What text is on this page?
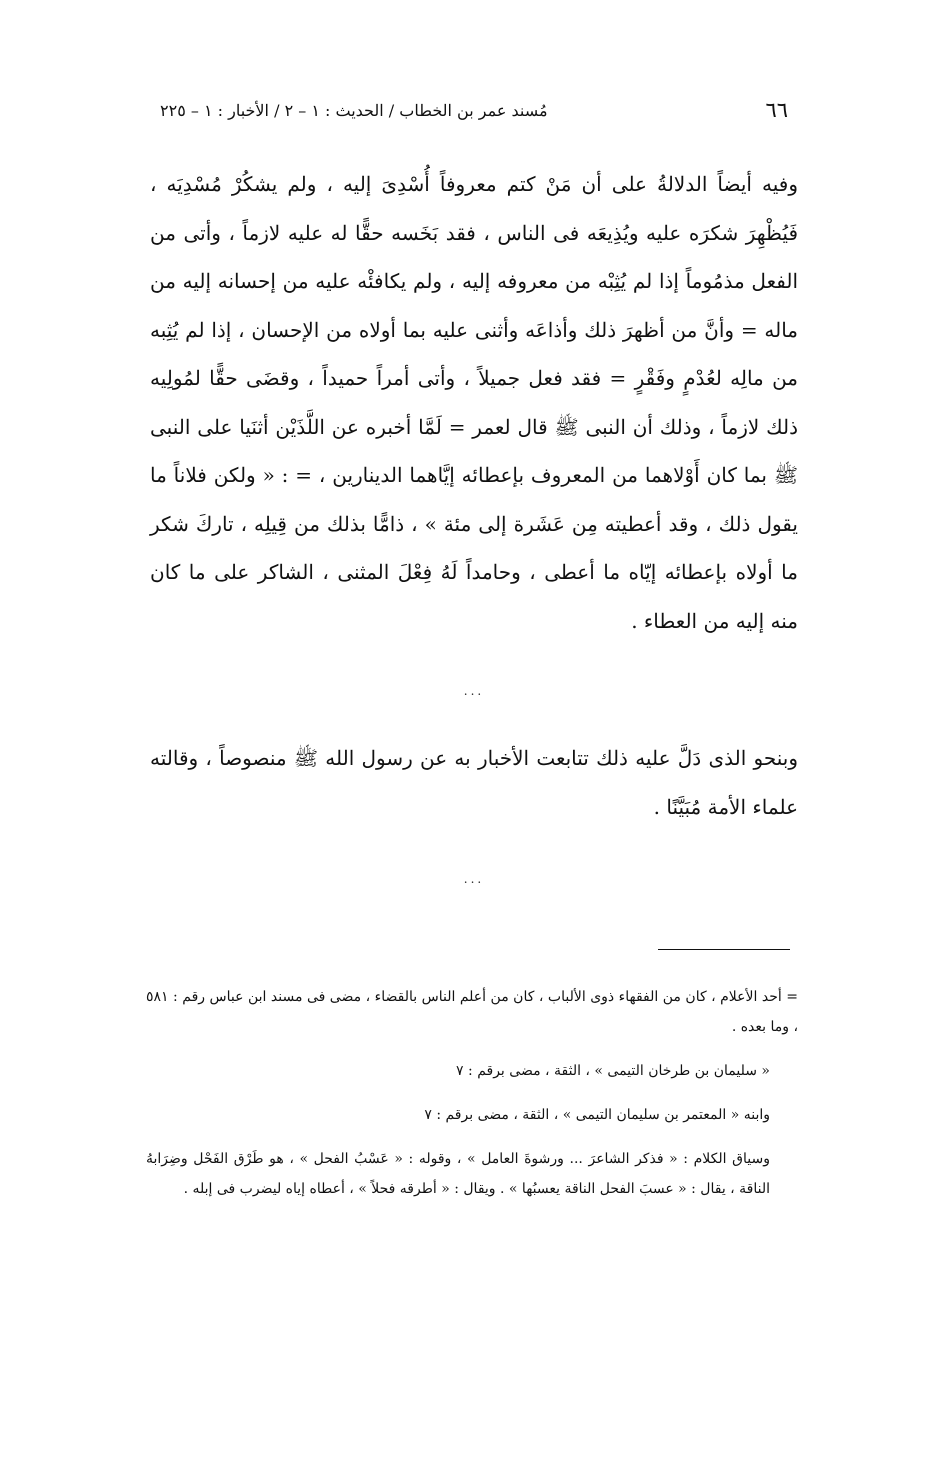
٦٦
مُسند عمر بن الخطاب / الحديث : ١ – ٢ / الأخبار : ١ – ٢٢٥

وفيه أيضاً الدلالةُ على أن مَنْ كتم معروفاً أُسْدِىَ إليه ، ولم يشكُرْ مُسْدِيَه ، فَيُظْهِرَ شكرَه عليه ويُذِيعَه فى الناس ، فقد بَخَسه حقًّا له عليه لازماً ، وأتى من الفعل مذمُوماً إذا لم يُثِبْه من معروفه إليه ، ولم يكافئْه عليه من إحسانه إليه من ماله = وأنَّ من أظهرَ ذلك وأذاعَه وأثنى عليه بما أولاه من الإحسان ، إذا لم يُثِبه من مالِه لعُدْمٍ وفَقْرٍ = فقد فعل جميلاً ، وأتى أمراً حميداً ، وقضَى حقًّا لمُولِيه ذلك لازماً ، وذلك أن النبى ﷺ قال لعمر = لَمَّا أخبره عن اللَّذَيْن أثنَيا على النبى ﷺ بما كان أَوْلاهما من المعروف بإعطائه إيَّاهما الدينارين ، = : « ولكن فلاناً ما يقول ذلك ، وقد أعطيته مِن عَشَرة إلى مئة » ، ذامًّا بذلك من قِيلِه ، تاركَ شكر ما أولاه بإعطائه إيّاه ما أعطى ، وحامداً لَهُ فِعْلَ المثنى ، الشاكر على ما كان منه إليه من العطاء .

...

وبنحو الذى دَلَّ عليه ذلك تتابعت الأخبار به عن رسول الله ﷺ منصوصاً ، وقالته علماء الأمة مُبَيَّنًا .

...

= أحد الأعلام ، كان من الفقهاء ذوى الألباب ، كان من أعلم الناس بالقضاء ، مضى فى مسند ابن عباس رقم : ٥٨١ ، وما بعده .

« سليمان بن طرخان التيمى » ، الثقة ، مضى برقم : ٧

وابنه « المعتمر بن سليمان التيمى » ، الثقة ، مضى برقم : ٧

وسياق الكلام : « فذكر الشاعرَ ... ورشوةَ العامل » ، وقوله : « عَسْبُ الفحل » ، هو طَرْق الفَحْل وضِرَابهُ الناقة ، يقال : « عسبَ الفحل الناقة يعسبُها » . ويقال : « أطرقه فحلاً » ، أعطاه إياه ليضرب فى إبله .
